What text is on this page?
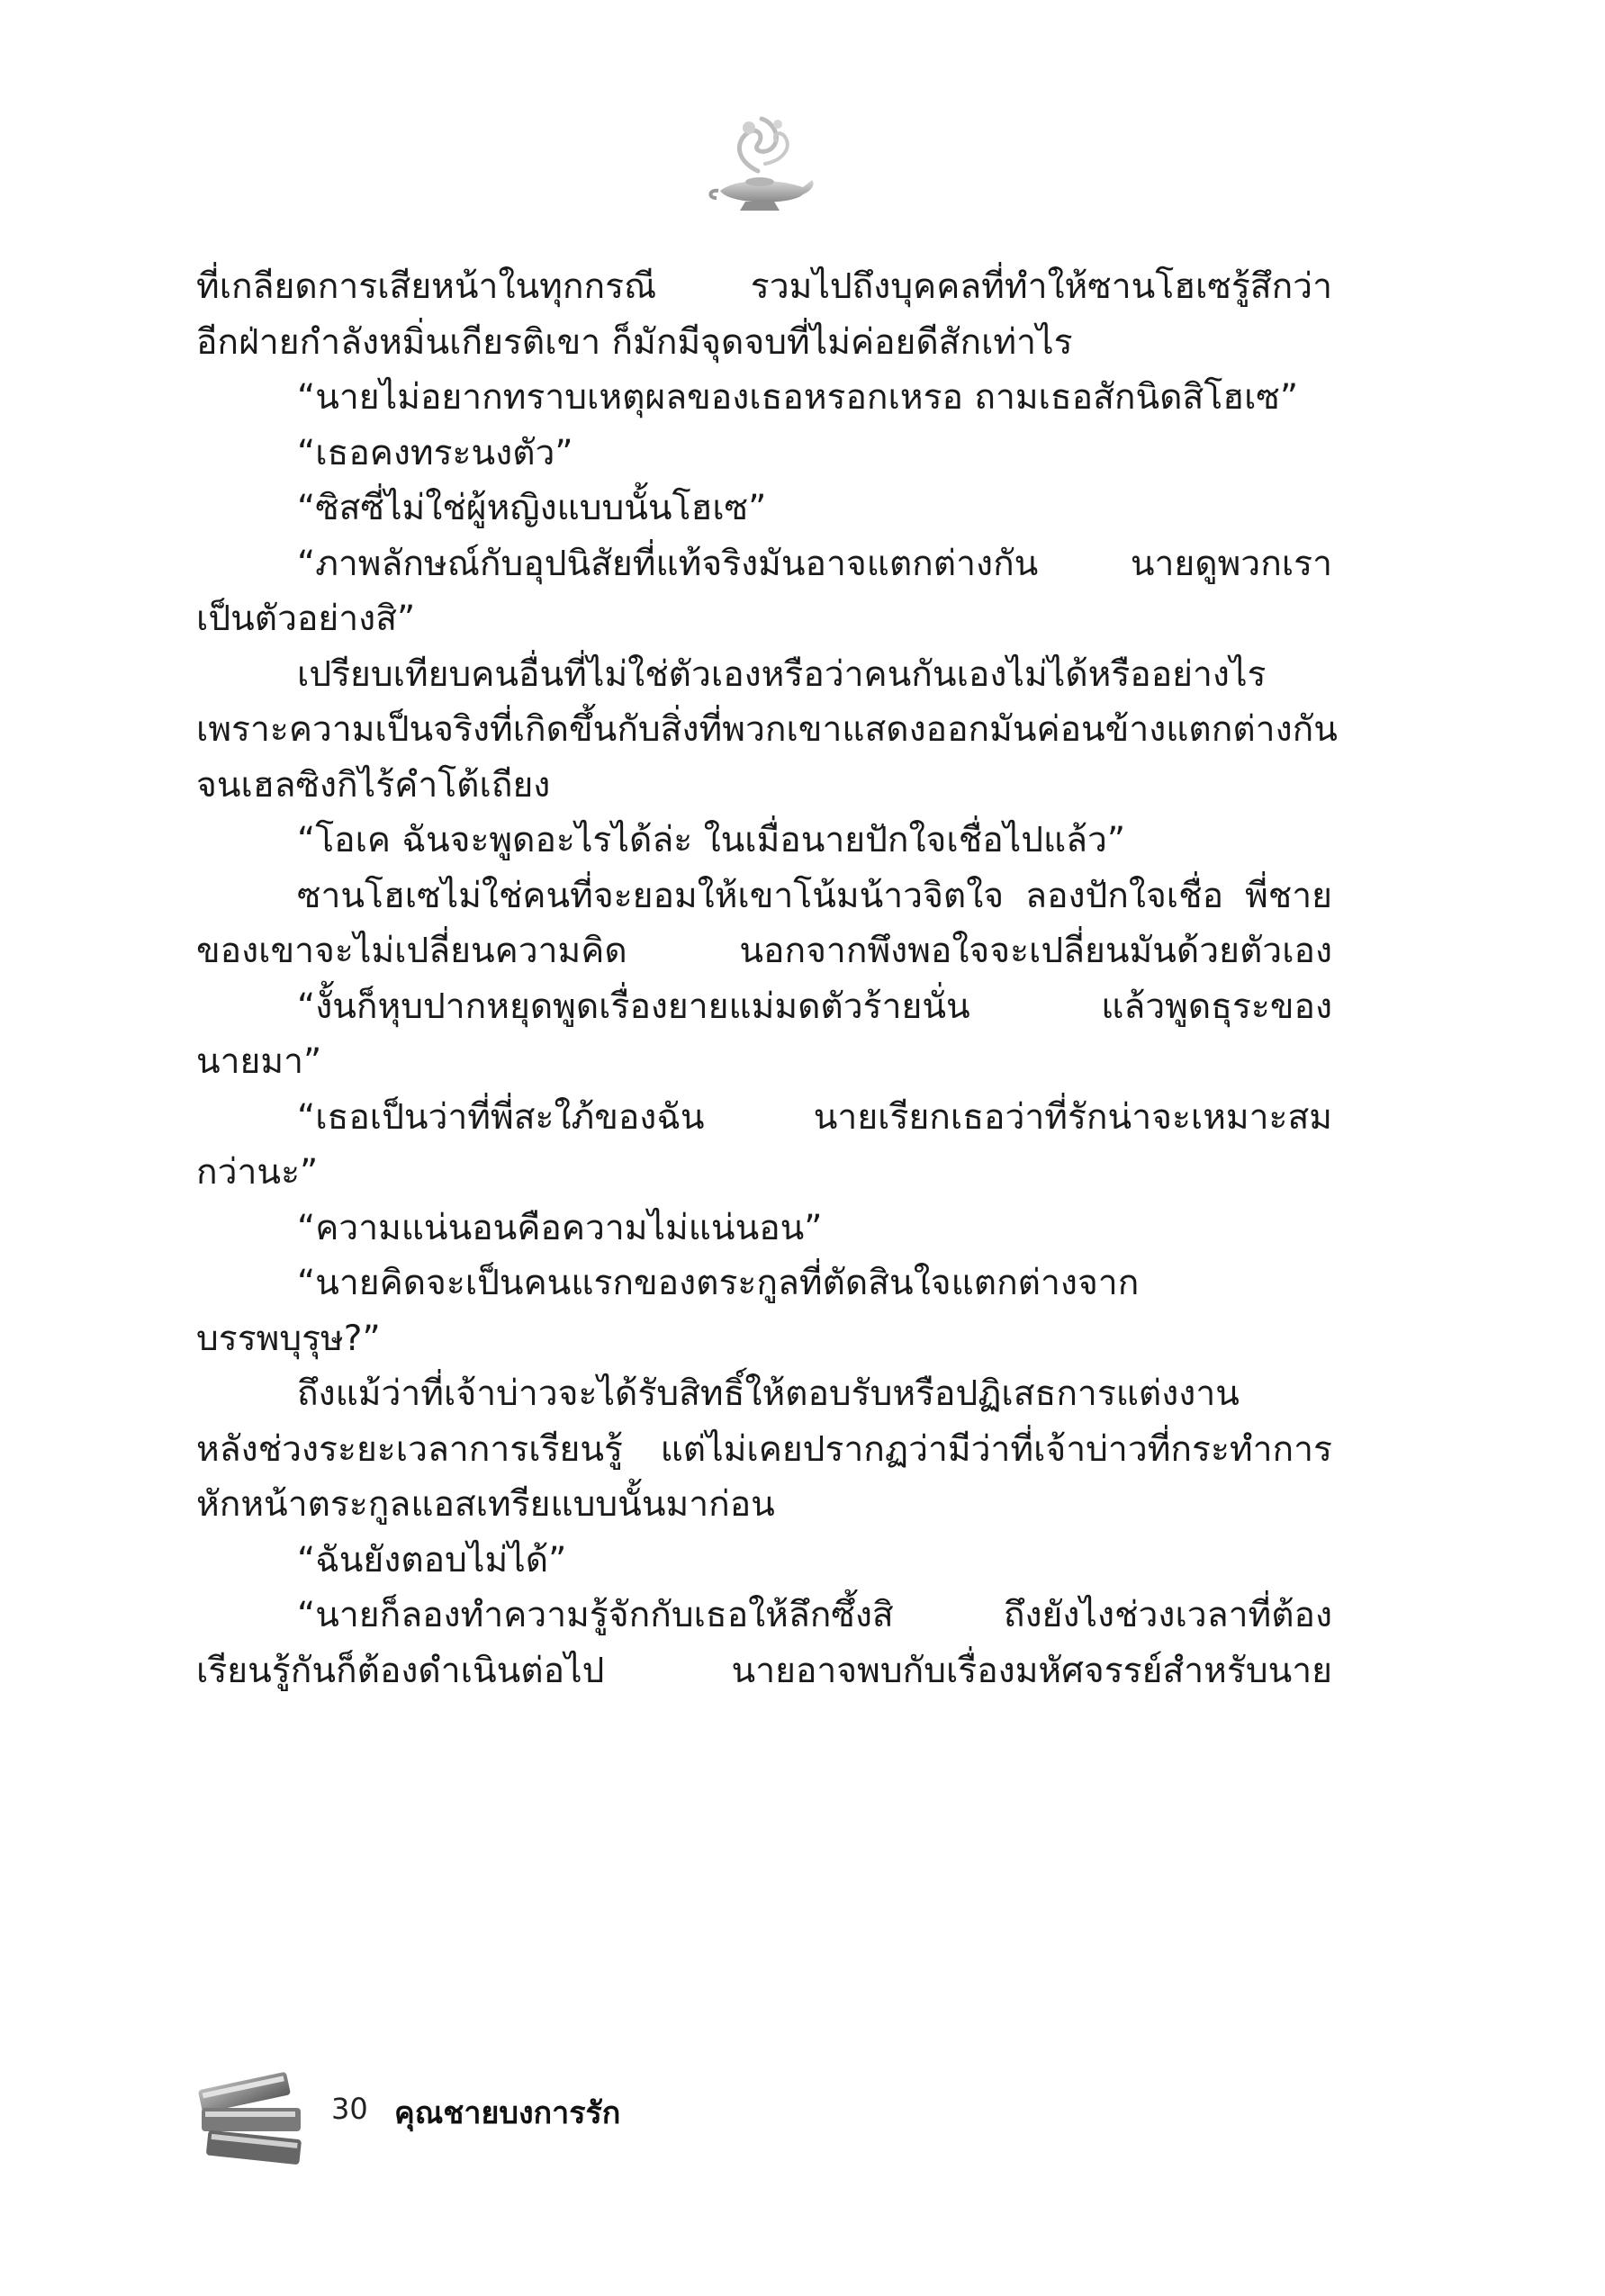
ที่เกลียดการเสียหน้าในทุกกรณี รวมไปถึงบุคคลที่ทำให้ซานโฮเซรู้สึกว่า
อีกฝ่ายกำลังหมิ่นเกียรติเขา ก็มักมีจุดจบที่ไม่ค่อยดีสักเท่าไร
“นายไม่อยากทราบเหตุผลของเธอหรอกเหรอ ถามเธอสักนิดสิโฮเซ”
“เธอคงทระนงตัว”
“ซิสซี่ไม่ใช่ผู้หญิงแบบนั้นโฮเซ”
“ภาพลักษณ์กับอุปนิสัยที่แท้จริงมันอาจแตกต่างกัน นายดูพวกเรา
เป็นตัวอย่างสิ”
เปรียบเทียบคนอื่นที่ไม่ใช่ตัวเองหรือว่าคนกันเองไม่ได้หรืออย่างไร
เพราะความเป็นจริงที่เกิดขึ้นกับสิ่งที่พวกเขาแสดงออกมันค่อนข้างแตกต่างกัน
จนเฮลซิงกิไร้คำโต้เถียง
“โอเค ฉันจะพูดอะไรได้ล่ะ ในเมื่อนายปักใจเชื่อไปแล้ว”
ซานโฮเซไม่ใช่คนที่จะยอมให้เขาโน้มน้าวจิตใจ ลองปักใจเชื่อ พี่ชาย
ของเขาจะไม่เปลี่ยนความคิด นอกจากพึงพอใจจะเปลี่ยนมันด้วยตัวเอง
“งั้นก็หุบปากหยุดพูดเรื่องยายแม่มดตัวร้ายนั่น แล้วพูดธุระของ
นายมา”
“เธอเป็นว่าที่พี่สะใภ้ของฉัน นายเรียกเธอว่าที่รักน่าจะเหมาะสม
กว่านะ”
“ความแน่นอนคือความไม่แน่นอน”
“นายคิดจะเป็นคนแรกของตระกูลที่ตัดสินใจแตกต่างจาก
บรรพบุรุษ?”
ถึงแม้ว่าที่เจ้าบ่าวจะได้รับสิทธิ์ให้ตอบรับหรือปฏิเสธการแต่งงาน
หลังช่วงระยะเวลาการเรียนรู้ แต่ไม่เคยปรากฏว่ามีว่าที่เจ้าบ่าวที่กระทำการ
หักหน้าตระกูลแอสเทรียแบบนั้นมาก่อน
“ฉันยังตอบไม่ได้”
“นายก็ลองทำความรู้จักกับเธอให้ลึกซึ้งสิ ถึงยังไงช่วงเวลาที่ต้อง
เรียนรู้กันก็ต้องดำเนินต่อไป นายอาจพบกับเรื่องมหัศจรรย์สำหรับนาย
30 คุณชายบงการรัก
